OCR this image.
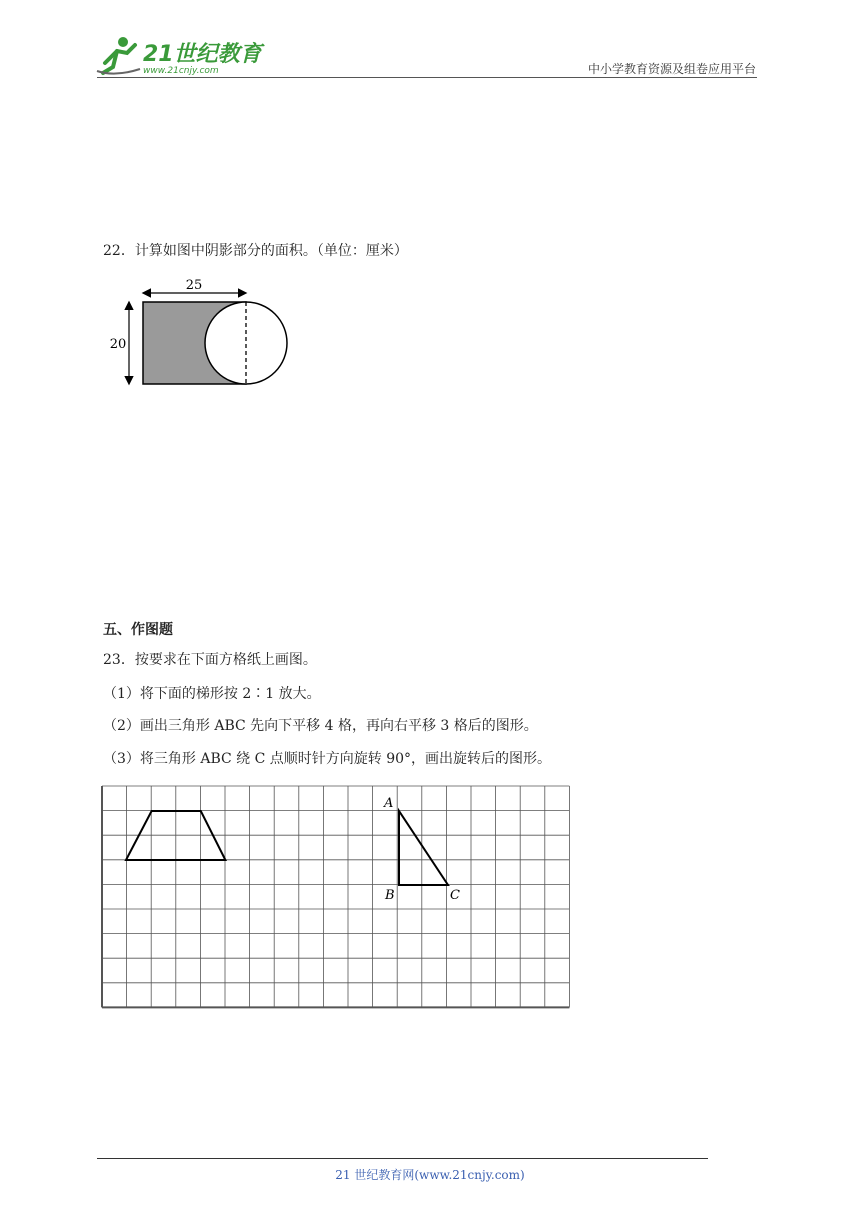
21世纪教育
www.21cnjy.com	中小学教育资源及组卷应用平台
22．计算如图中阴影部分的面积。（单位：厘米）
25
20
五、作图题
23．按要求在下面方格纸上画图。
（1）将下面的梯形按 2∶1 放大。
（2）画出三角形 ABC 先向下平移 4 格，再向右平移 3 格后的图形。
（3）将三角形 ABC 绕 C 点顺时针方向旋转 90°，画出旋转后的图形。
A
B	C
21 世纪教育网(www.21cnjy.com)
